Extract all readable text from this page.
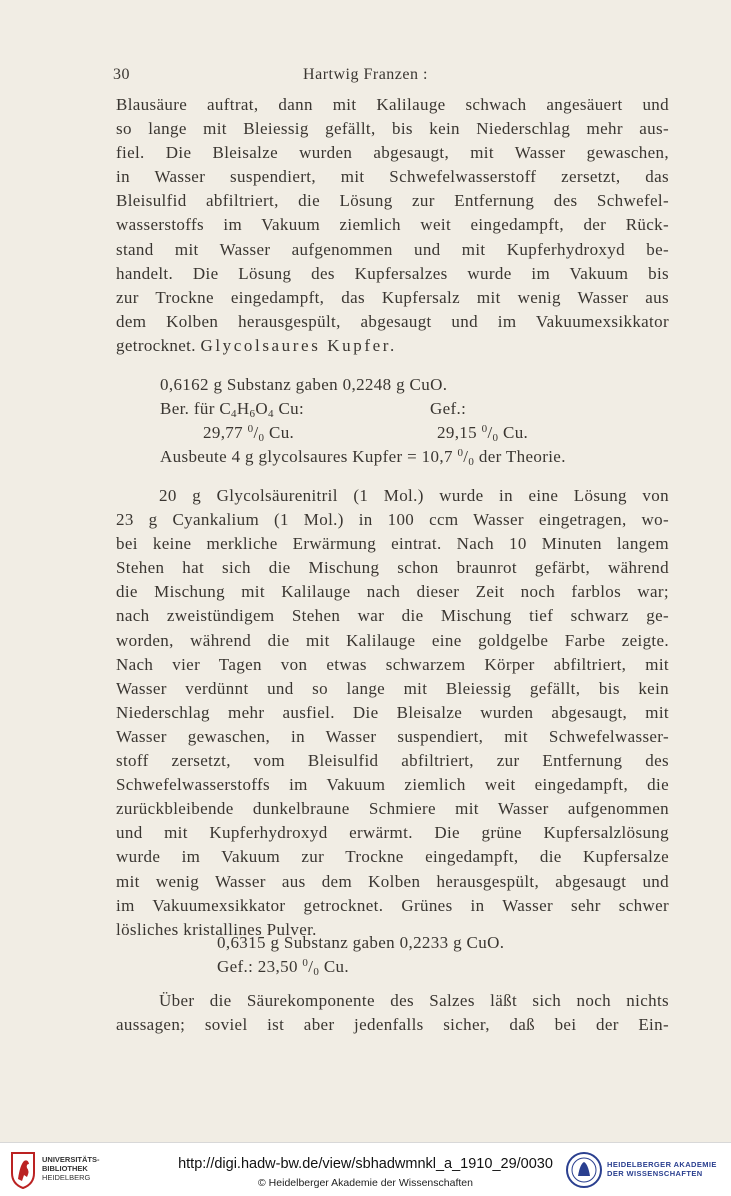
30	Hartwig Franzen :
Blausäure auftrat, dann mit Kalilauge schwach angesäuert und
so lange mit Bleiessig gefällt, bis kein Niederschlag mehr aus-
fiel. Die Bleisalze wurden abgesaugt, mit Wasser gewaschen,
in Wasser suspendiert, mit Schwefelwasserstoff zersetzt, das
Bleisulfid abfiltriert, die Lösung zur Entfernung des Schwefel-
wasserstoffs im Vakuum ziemlich weit eingedampft, der Rück-
stand mit Wasser aufgenommen und mit Kupferhydroxyd be-
handelt. Die Lösung des Kupfersalzes wurde im Vakuum bis
zur Trockne eingedampft, das Kupfersalz mit wenig Wasser aus
dem Kolben herausgespült, abgesaugt und im Vakuumexsikkator
getrocknet. Glycolsaures Kupfer.
0,6162 g Substanz gaben 0,2248 g CuO.
Ber. für $C_4H_6O_4$ Cu:	Gef.:
29,77 $^0/_0$ Cu.	29,15 $^0/_0$ Cu.
Ausbeute 4 g glycolsaures Kupfer = 10,7 $^0/_0$ der Theorie.
20 g Glycolsäurenitril (1 Mol.) wurde in eine Lösung von
23 g Cyankalium (1 Mol.) in 100 ccm Wasser eingetragen, wo-
bei keine merkliche Erwärmung eintrat. Nach 10 Minuten langem
Stehen hat sich die Mischung schon braunrot gefärbt, während
die Mischung mit Kalilauge nach dieser Zeit noch farblos war;
nach zweistündigem Stehen war die Mischung tief schwarz ge-
worden, während die mit Kalilauge eine goldgelbe Farbe zeigte.
Nach vier Tagen von etwas schwarzem Körper abfiltriert, mit
Wasser verdünnt und so lange mit Bleiessig gefällt, bis kein
Niederschlag mehr ausfiel. Die Bleisalze wurden abgesaugt, mit
Wasser gewaschen, in Wasser suspendiert, mit Schwefelwasser-
stoff zersetzt, vom Bleisulfid abfiltriert, zur Entfernung des
Schwefelwasserstoffs im Vakuum ziemlich weit eingedampft, die
zurückbleibende dunkelbraune Schmiere mit Wasser aufgenommen
und mit Kupferhydroxyd erwärmt. Die grüne Kupfersalzlösung
wurde im Vakuum zur Trockne eingedampft, die Kupfersalze
mit wenig Wasser aus dem Kolben herausgespült, abgesaugt und
im Vakuumexsikkator getrocknet. Grünes in Wasser sehr schwer
lösliches kristallines Pulver.
0,6315 g Substanz gaben 0,2233 g CuO.
Gef.: 23,50 $^0/_0$ Cu.
Über die Säurekomponente des Salzes läßt sich noch nichts
aussagen; soviel ist aber jedenfalls sicher, daß bei der Ein-
UNIVERSITÄTS-
BIBLIOTHEK
HEIDELBERG
http://digi.hadw-bw.de/view/sbhadwmnkl_a_1910_29/0030
© Heidelberger Akademie der Wissenschaften
HEIDELBERGER AKADEMIE
DER WISSENSCHAFTEN
